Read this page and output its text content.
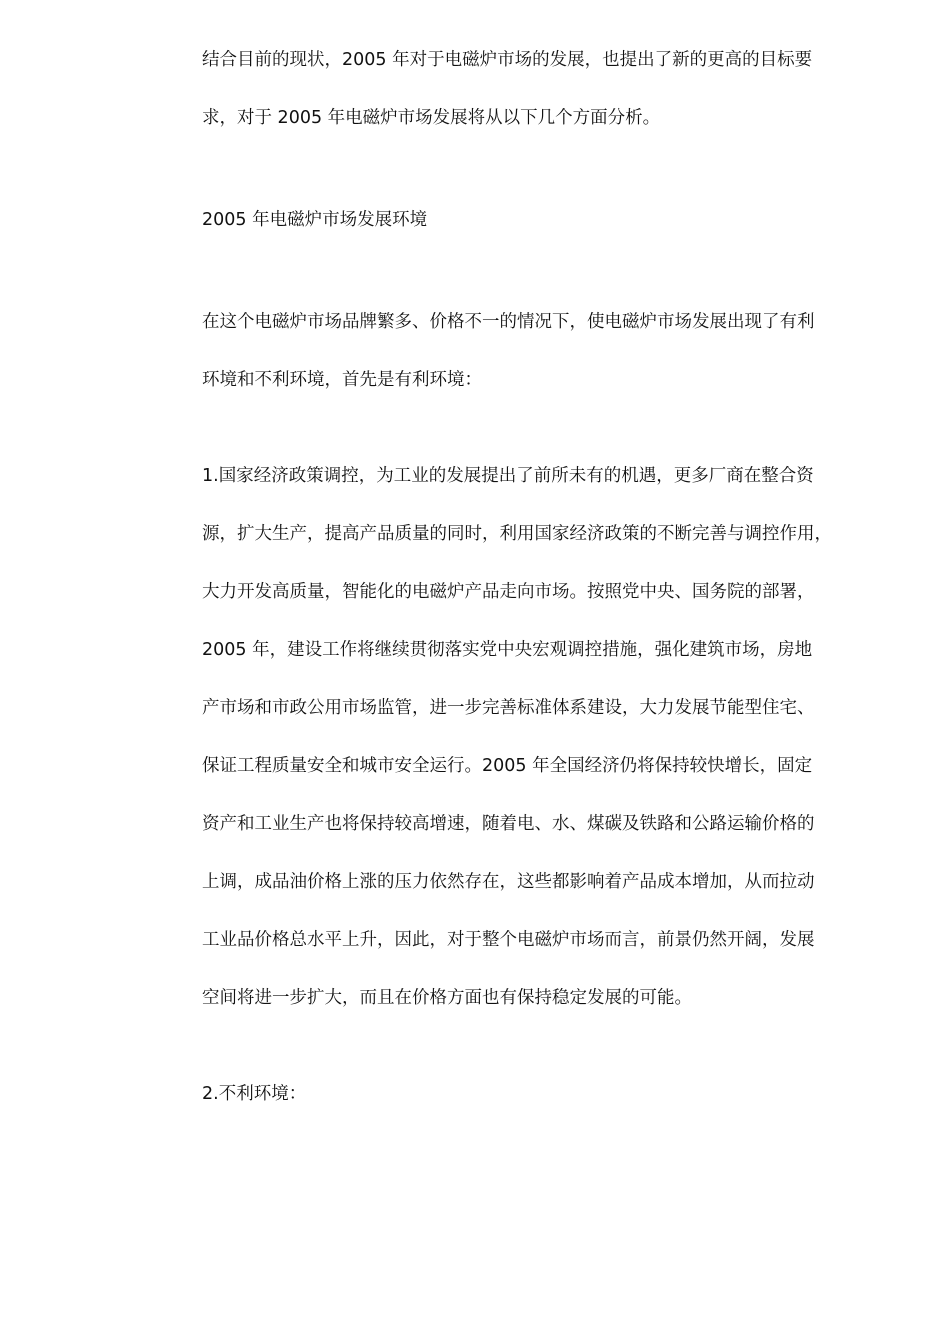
结合目前的现状，2005 年对于电磁炉市场的发展，也提出了新的更高的目标要
求，对于 2005 年电磁炉市场发展将从以下几个方面分析。
2005 年电磁炉市场发展环境
在这个电磁炉市场品牌繁多、价格不一的情况下，使电磁炉市场发展出现了有利
环境和不利环境，首先是有利环境：
1.国家经济政策调控，为工业的发展提出了前所未有的机遇，更多厂商在整合资
源，扩大生产，提高产品质量的同时，利用国家经济政策的不断完善与调控作用，
大力开发高质量，智能化的电磁炉产品走向市场。按照党中央、国务院的部署，
2005 年，建设工作将继续贯彻落实党中央宏观调控措施，强化建筑市场，房地
产市场和市政公用市场监管，进一步完善标准体系建设，大力发展节能型住宅、
保证工程质量安全和城市安全运行。2005 年全国经济仍将保持较快增长，固定
资产和工业生产也将保持较高增速，随着电、水、煤碳及铁路和公路运输价格的
上调，成品油价格上涨的压力依然存在，这些都影响着产品成本增加，从而拉动
工业品价格总水平上升，因此，对于整个电磁炉市场而言，前景仍然开阔，发展
空间将进一步扩大，而且在价格方面也有保持稳定发展的可能。
2.不利环境：
